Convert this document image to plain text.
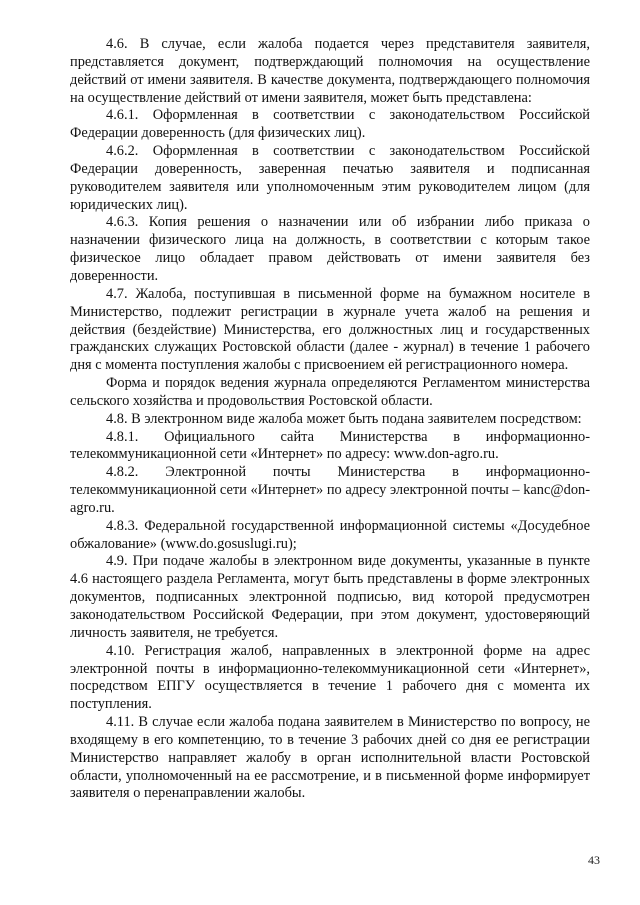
4.6. В случае, если жалоба подается через представителя заявителя, представляется документ, подтверждающий полномочия на осуществление действий от имени заявителя. В качестве документа, подтверждающего полномочия на осуществление действий от имени заявителя, может быть представлена:

4.6.1. Оформленная в соответствии с законодательством Российской Федерации доверенность (для физических лиц).

4.6.2. Оформленная в соответствии с законодательством Российской Федерации доверенность, заверенная печатью заявителя и подписанная руководителем заявителя или уполномоченным этим руководителем лицом (для юридических лиц).

4.6.3. Копия решения о назначении или об избрании либо приказа о назначении физического лица на должность, в соответствии с которым такое физическое лицо обладает правом действовать от имени заявителя без доверенности.

4.7. Жалоба, поступившая в письменной форме на бумажном носителе в Министерство, подлежит регистрации в журнале учета жалоб на решения и действия (бездействие) Министерства, его должностных лиц и государственных гражданских служащих Ростовской области (далее - журнал) в течение 1 рабочего дня с момента поступления жалобы с присвоением ей регистрационного номера.

Форма и порядок ведения журнала определяются Регламентом министерства сельского хозяйства и продовольствия Ростовской области.

4.8. В электронном виде жалоба может быть подана заявителем посредством:

4.8.1. Официального сайта Министерства в информационно-телекоммуникационной сети «Интернет» по адресу: www.don-agro.ru.

4.8.2. Электронной почты Министерства в информационно-телекоммуникационной сети «Интернет» по адресу электронной почты – kanc@don-agro.ru.

4.8.3. Федеральной государственной информационной системы «Досудебное обжалование» (www.do.gosuslugi.ru);

4.9. При подаче жалобы в электронном виде документы, указанные в пункте 4.6 настоящего раздела Регламента, могут быть представлены в форме электронных документов, подписанных электронной подписью, вид которой предусмотрен законодательством Российской Федерации, при этом документ, удостоверяющий личность заявителя, не требуется.

4.10. Регистрация жалоб, направленных в электронной форме на адрес электронной почты в информационно-телекоммуникационной сети «Интернет», посредством ЕПГУ осуществляется в течение 1 рабочего дня с момента их поступления.

4.11. В случае если жалоба подана заявителем в Министерство по вопросу, не входящему в его компетенцию, то в течение 3 рабочих дней со дня ее регистрации Министерство направляет жалобу в орган исполнительной власти Ростовской области, уполномоченный на ее рассмотрение, и в письменной форме информирует заявителя о перенаправлении жалобы.

43
